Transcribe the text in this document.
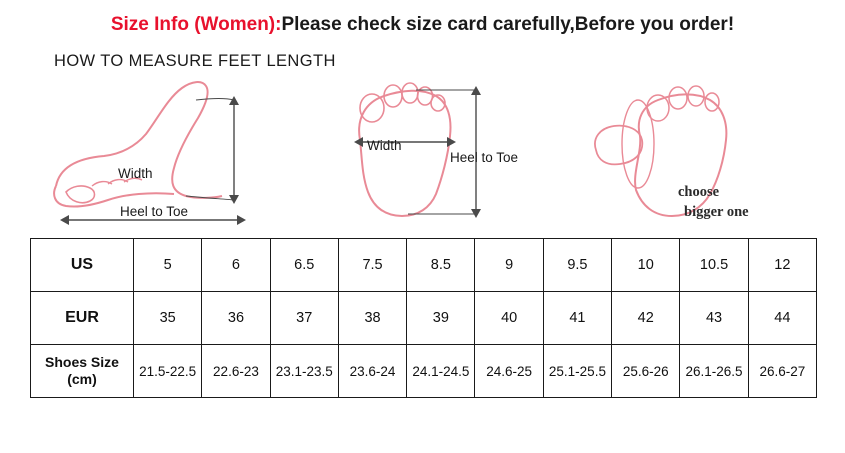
Size Info (Women):Please check size card carefully,Before you order!
HOW TO MEASURE FEET LENGTH
Width
Heel to Toe
Width
Heel to Toe
choose
bigger one
US	5	6	6.5	7.5	8.5	9	9.5	10	10.5	12
EUR	35	36	37	38	39	40	41	42	43	44
Shoes Size
(cm)	21.5-22.5	22.6-23	23.1-23.5	23.6-24	24.1-24.5	24.6-25	25.1-25.5	25.6-26	26.1-26.5	26.6-27
